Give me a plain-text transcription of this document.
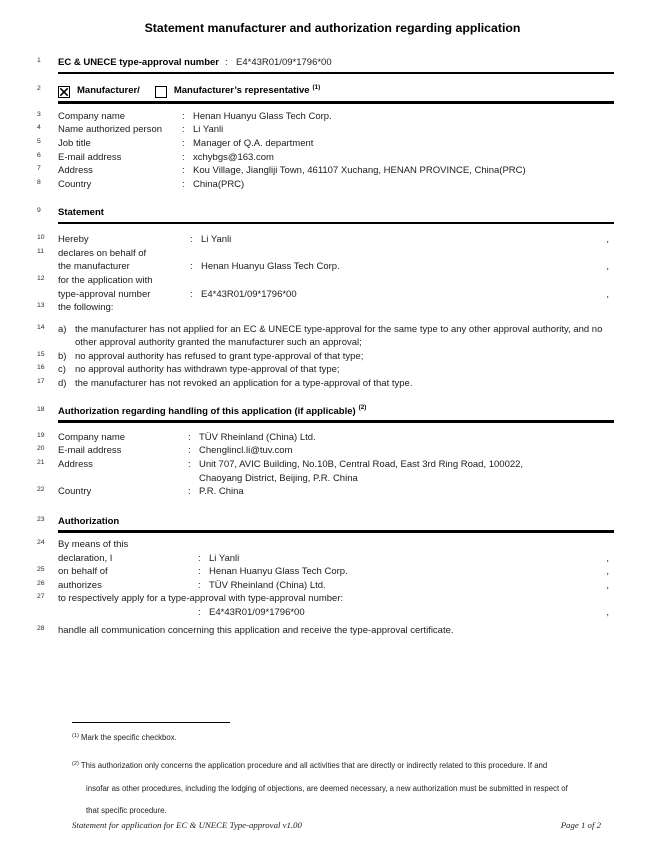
Statement manufacturer and authorization regarding application
1 EC & UNECE type-approval number : E4*43R01/09*1796*00
2	Manufacturer/	Manufacturer’s representative (1)
3 Company name	: Henan Huanyu Glass Tech Corp.
4 Name authorized person	: Li Yanli
5 Job title	: Manager of Q.A. department
6 E-mail address	: xchybgs@163.com
7 Address	: Kou Village, Jiangliji Town, 461107 Xuchang, HENAN PROVINCE, China(PRC)
8 Country	: China(PRC)
9 Statement
10 Hereby	: Li Yanli	,
11 declares on behalf of
the manufacturer	: Henan Huanyu Glass Tech Corp.	,
12 for the application with
type-approval number	: E4*43R01/09*1796*00	,
13 the following:
14 a) the manufacturer has not applied for an EC & UNECE type-approval for the same type to any other approval authority, and no other approval authority granted the manufacturer such an approval;
15 b) no approval authority has refused to grant type-approval of that type;
16 c) no approval authority has withdrawn type-approval of that type;
17 d) the manufacturer has not revoked an application for a type-approval of that type.
18 Authorization regarding handling of this application (if applicable) (2)
19 Company name	: TÜV Rheinland (China) Ltd.
20 E-mail address	: Chenglincl.li@tuv.com
21 Address	: Unit 707, AVIC Building, No.10B, Central Road, East 3rd Ring Road, 100022,
Chaoyang District, Beijing, P.R. China
22 Country	: P.R. China
23 Authorization
24 By means of this
declaration, I	: Li Yanli	,
25 on behalf of	: Henan Huanyu Glass Tech Corp.	,
26 authorizes	: TÜV Rheinland (China) Ltd.	,
27 to respectively apply for a type-approval with type-approval number:
: E4*43R01/09*1796*00	,
28 handle all communication concerning this application and receive the type-approval certificate.
$^{(1)}$ Mark the specific checkbox.
$^{(2)}$ This authorization only concerns the application procedure and all activities that are directly or indirectly related to this procedure. If and
insofar as other procedures, including the lodging of objections, are deemed necessary, a new authorization must be submitted in respect of
that specific procedure.
Statement for application for EC & UNECE Type-approval v1.00	Page 1 of 2
